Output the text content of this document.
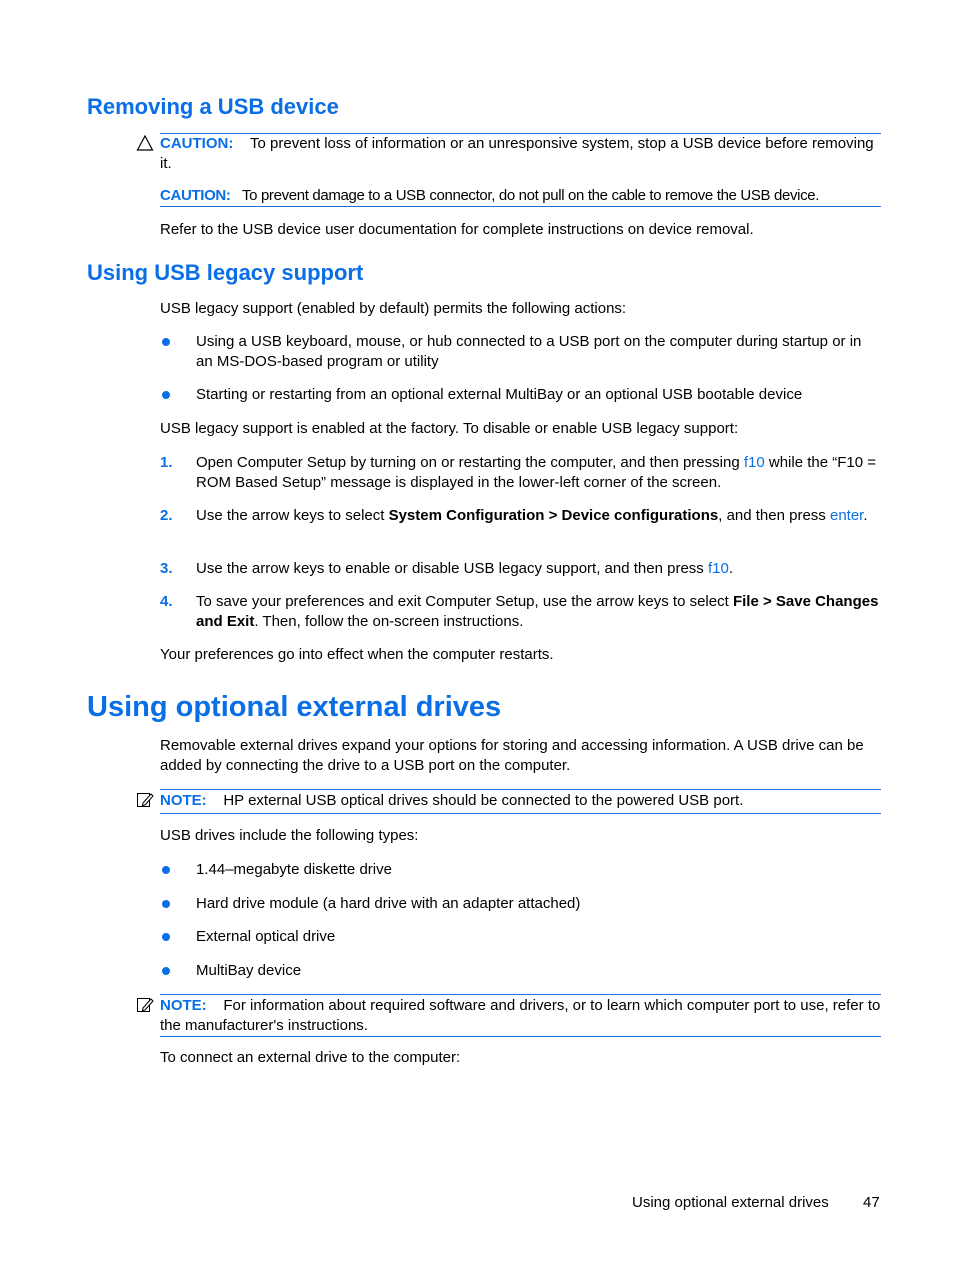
Removing a USB device
CAUTION: To prevent loss of information or an unresponsive system, stop a USB device before removing it.
CAUTION: To prevent damage to a USB connector, do not pull on the cable to remove the USB device.
Refer to the USB device user documentation for complete instructions on device removal.
Using USB legacy support
USB legacy support (enabled by default) permits the following actions:
Using a USB keyboard, mouse, or hub connected to a USB port on the computer during startup or in an MS-DOS-based program or utility
Starting or restarting from an optional external MultiBay or an optional USB bootable device
USB legacy support is enabled at the factory. To disable or enable USB legacy support:
1. Open Computer Setup by turning on or restarting the computer, and then pressing f10 while the “F10 = ROM Based Setup” message is displayed in the lower-left corner of the screen.
2. Use the arrow keys to select System Configuration > Device configurations, and then press enter.
3. Use the arrow keys to enable or disable USB legacy support, and then press f10.
4. To save your preferences and exit Computer Setup, use the arrow keys to select File > Save Changes and Exit. Then, follow the on-screen instructions.
Your preferences go into effect when the computer restarts.
Using optional external drives
Removable external drives expand your options for storing and accessing information. A USB drive can be added by connecting the drive to a USB port on the computer.
NOTE: HP external USB optical drives should be connected to the powered USB port.
USB drives include the following types:
1.44–megabyte diskette drive
Hard drive module (a hard drive with an adapter attached)
External optical drive
MultiBay device
NOTE: For information about required software and drivers, or to learn which computer port to use, refer to the manufacturer's instructions.
To connect an external drive to the computer:
Using optional external drives 47
